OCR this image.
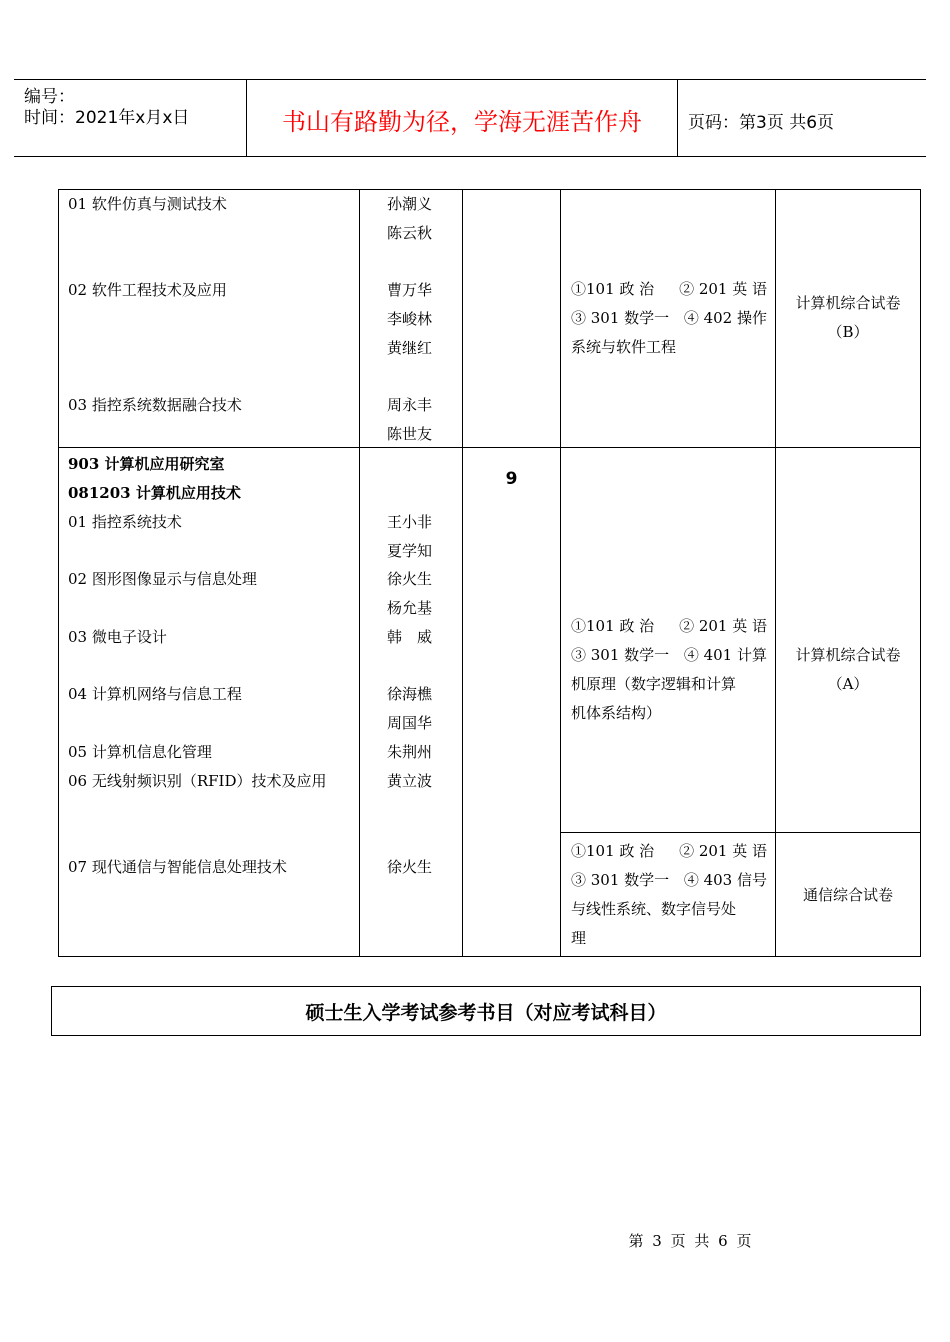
编号：
时间：2021年x月x日	书山有路勤为径，学海无涯苦作舟	页码：第3页 共6页
01 软件仿真与测试技术
02 软件工程技术及应用
03 指控系统数据融合技术
孙潮义
陈云秋
曹万华
李峻林
黄继红
周永丰
陈世友
①101 政 治 ② 201 英 语
③ 301 数学一 ④ 402 操作
系统与软件工程
计算机综合试卷
（B）
903 计算机应用研究室
081203 计算机应用技术
9
01 指控系统技术
02 图形图像显示与信息处理
03 微电子设计
04 计算机网络与信息工程
05 计算机信息化管理
06 无线射频识别（RFID）技术及应用
07 现代通信与智能信息处理技术
王小非
夏学知
徐火生
杨允基
韩　威
徐海樵
周国华
朱荆州
黄立波
徐火生
①101 政 治 ② 201 英 语
③ 301 数学一 ④ 401 计算
机原理（数字逻辑和计算
机体系结构）
计算机综合试卷
（A）
①101 政 治 ② 201 英 语
③ 301 数学一 ④ 403 信号
与线性系统、数字信号处
理
通信综合试卷
硕士生入学考试参考书目（对应考试科目）
第 3 页 共 6 页
